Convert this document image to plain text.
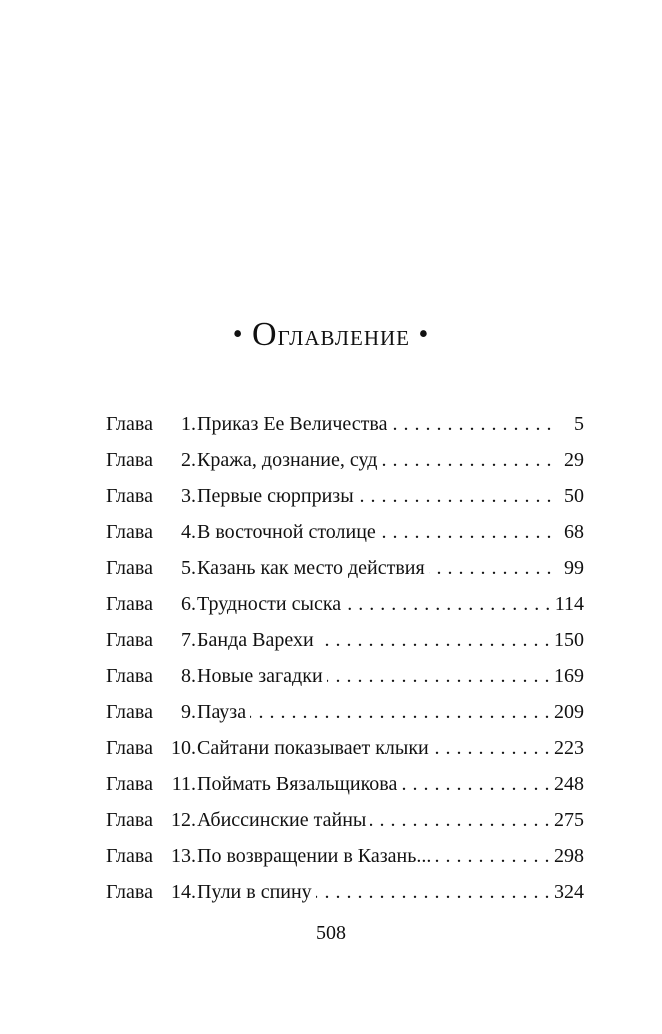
• Оглавление •
Глава	1. Приказ Ее Величества . . .	5
Глава	2. Кража, дознание, суд . . .	29
Глава	3. Первые сюрпризы . . .	50
Глава	4. В восточной столице . . .	68
Глава	5. Казань как место действия . . .	99
Глава	6. Трудности сыска . . .	114
Глава	7. Банда Варехи . . .	150
Глава	8. Новые загадки . . .	169
Глава	9. Пауза . . .	209
Глава 10. Сайтани показывает клыки . . .	223
Глава 11. Поймать Вязальщикова . . .	248
Глава 12. Абиссинские тайны . . .	275
Глава 13. По возвращении в Казань... . . .	298
Глава 14. Пули в спину . . .	324
508
